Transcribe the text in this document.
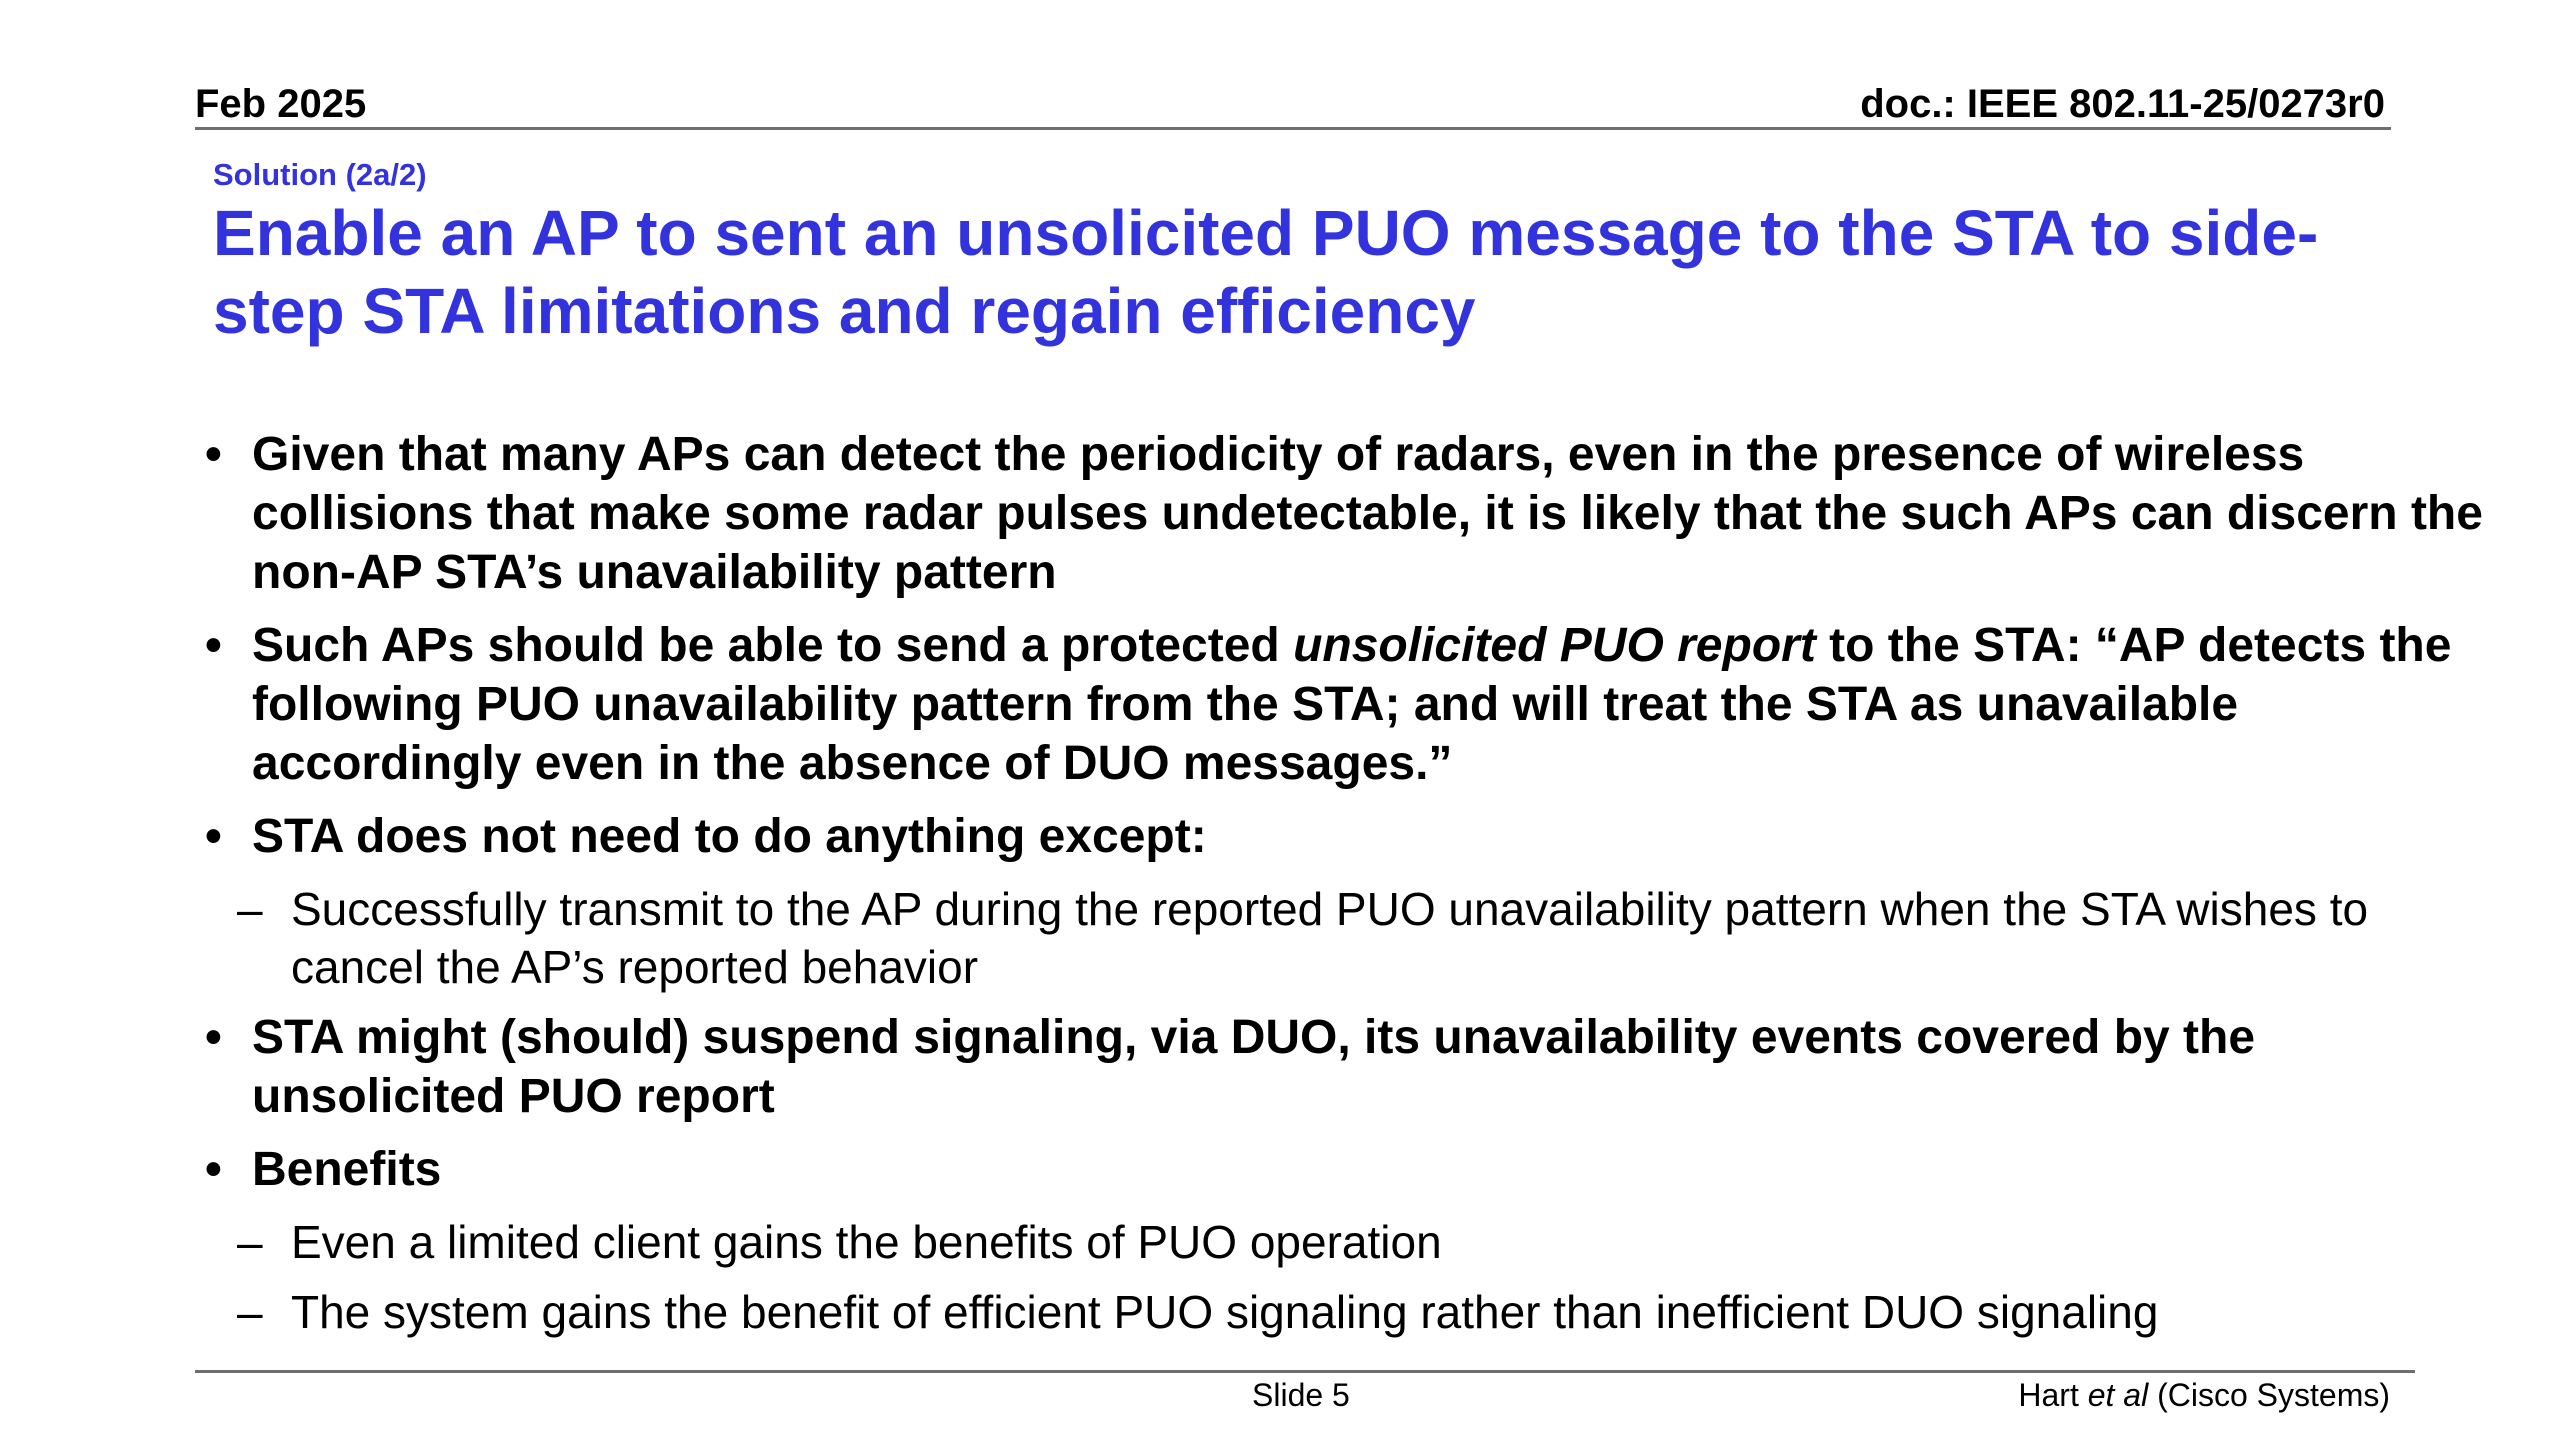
Feb 2025	doc.: IEEE 802.11-25/0273r0
Solution (2a/2)
Enable an AP to sent an unsolicited PUO message to the STA to side-step STA limitations and regain efficiency
• Given that many APs can detect the periodicity of radars, even in the presence of wireless collisions that make some radar pulses undetectable, it is likely that the such APs can discern the non-AP STA’s unavailability pattern
• Such APs should be able to send a protected unsolicited PUO report to the STA: “AP detects the following PUO unavailability pattern from the STA; and will treat the STA as unavailable accordingly even in the absence of DUO messages.”
• STA does not need to do anything except:
– Successfully transmit to the AP during the reported PUO unavailability pattern when the STA wishes to cancel the AP’s reported behavior
• STA might (should) suspend signaling, via DUO, its unavailability events covered by the unsolicited PUO report
• Benefits
– Even a limited client gains the benefits of PUO operation
– The system gains the benefit of efficient PUO signaling rather than inefficient DUO signaling
Slide 5	Hart et al (Cisco Systems)
